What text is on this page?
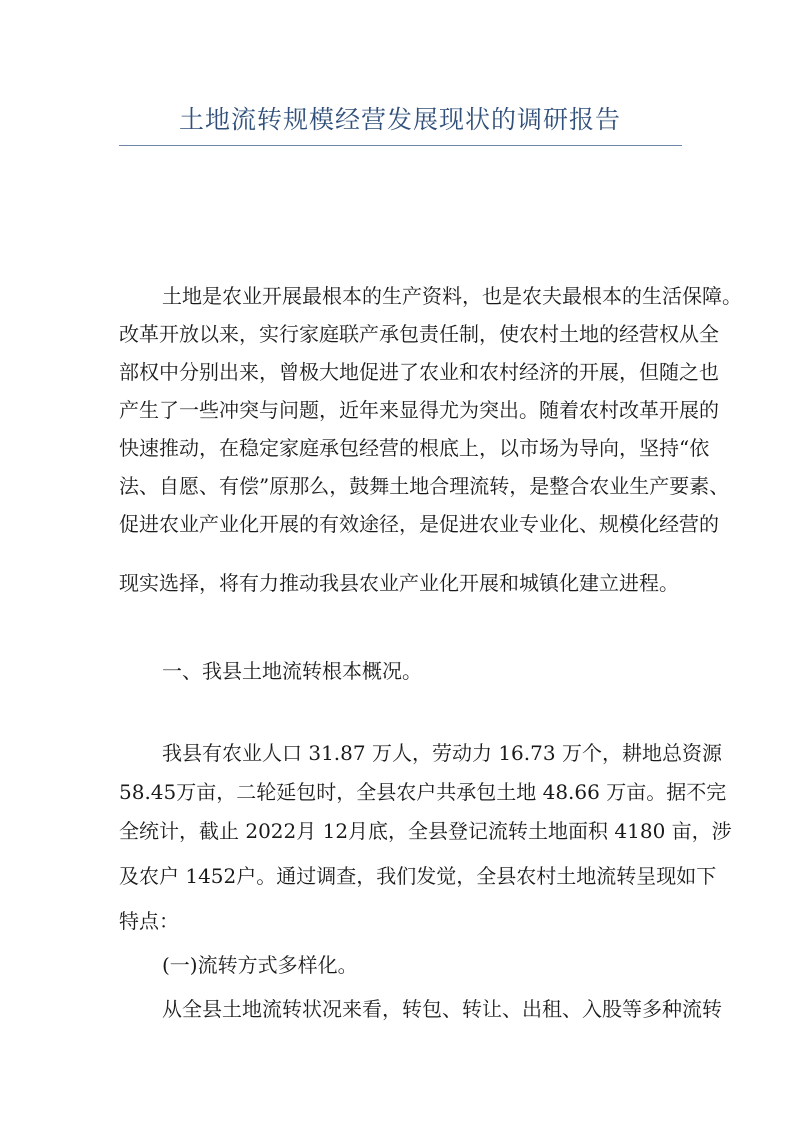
土地流转规模经营发展现状的调研报告
土地是农业开展最根本的生产资料，也是农夫最根本的生活保障。
改革开放以来，实行家庭联产承包责任制，使农村土地的经营权从全
部权中分别出来，曾极大地促进了农业和农村经济的开展，但随之也
产生了一些冲突与问题，近年来显得尤为突出。随着农村改革开展的
快速推动，在稳定家庭承包经营的根底上，以市场为导向，坚持“依
法、自愿、有偿”原那么，鼓舞土地合理流转，是整合农业生产要素、
促进农业产业化开展的有效途径，是促进农业专业化、规模化经营的
现实选择，将有力推动我县农业产业化开展和城镇化建立进程。
一、我县土地流转根本概况。
我县有农业人口 31.87 万人，劳动力 16.73 万个，耕地总资源
58.45万亩，二轮延包时，全县农户共承包土地 48.66 万亩。据不完
全统计，截止 2022月 12月底，全县登记流转土地面积 4180 亩，涉
及农户 1452户。通过调查，我们发觉，全县农村土地流转呈现如下
特点：
(一)流转方式多样化。
从全县土地流转状况来看，转包、转让、出租、入股等多种流转
